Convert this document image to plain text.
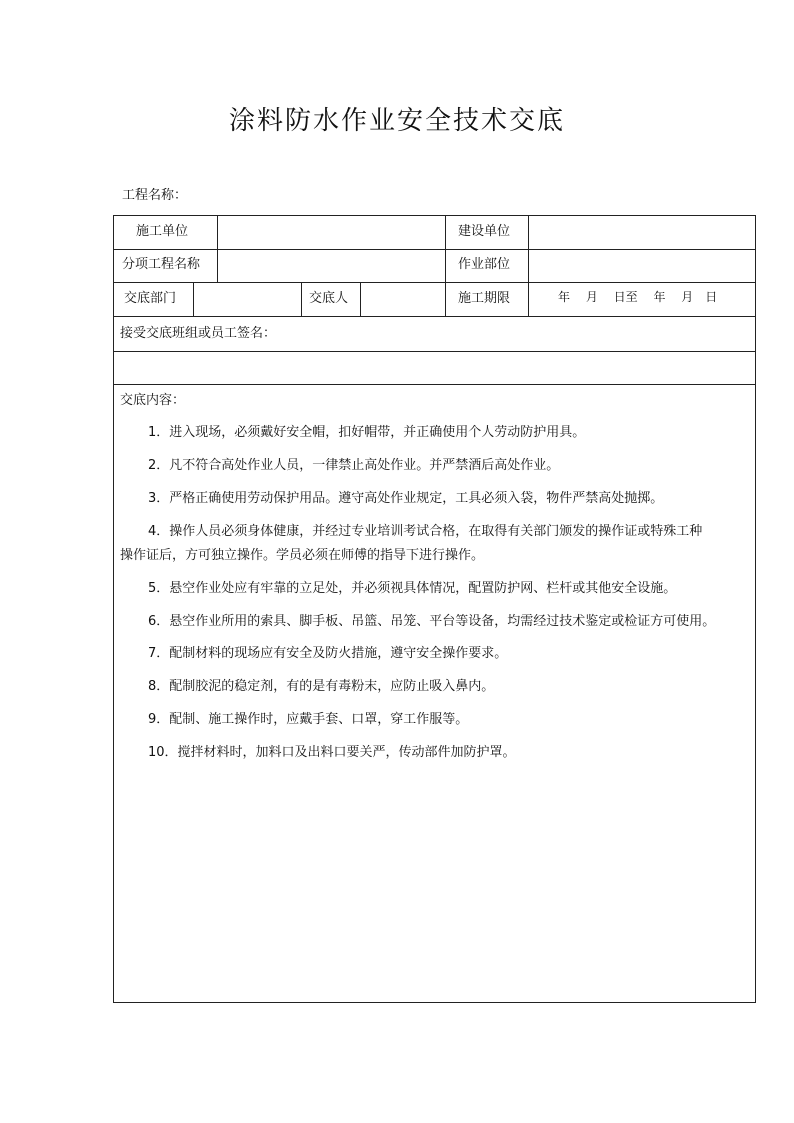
涂料防水作业安全技术交底
工程名称：
施工单位	建设单位
分项工程名称	作业部位
交底部门	交底人	施工期限	年　 月　 日至　 年　 月　日
接受交底班组或员工签名：
交底内容：
1．进入现场，必须戴好安全帽，扣好帽带，并正确使用个人劳动防护用具。
2．凡不符合高处作业人员，一律禁止高处作业。并严禁酒后高处作业。
3．严格正确使用劳动保护用品。遵守高处作业规定，工具必须入袋，物件严禁高处抛掷。
4．操作人员必须身体健康，并经过专业培训考试合格，在取得有关部门颁发的操作证或特殊工种
操作证后，方可独立操作。学员必须在师傅的指导下进行操作。
5．悬空作业处应有牢靠的立足处，并必须视具体情况，配置防护网、栏杆或其他安全设施。
6．悬空作业所用的索具、脚手板、吊篮、吊笼、平台等设备，均需经过技术鉴定或检证方可使用。
7．配制材料的现场应有安全及防火措施，遵守安全操作要求。
8．配制胶泥的稳定剂，有的是有毒粉末，应防止吸入鼻内。
9．配制、施工操作时，应戴手套、口罩，穿工作服等。
10．搅拌材料时，加料口及出料口要关严，传动部件加防护罩。
